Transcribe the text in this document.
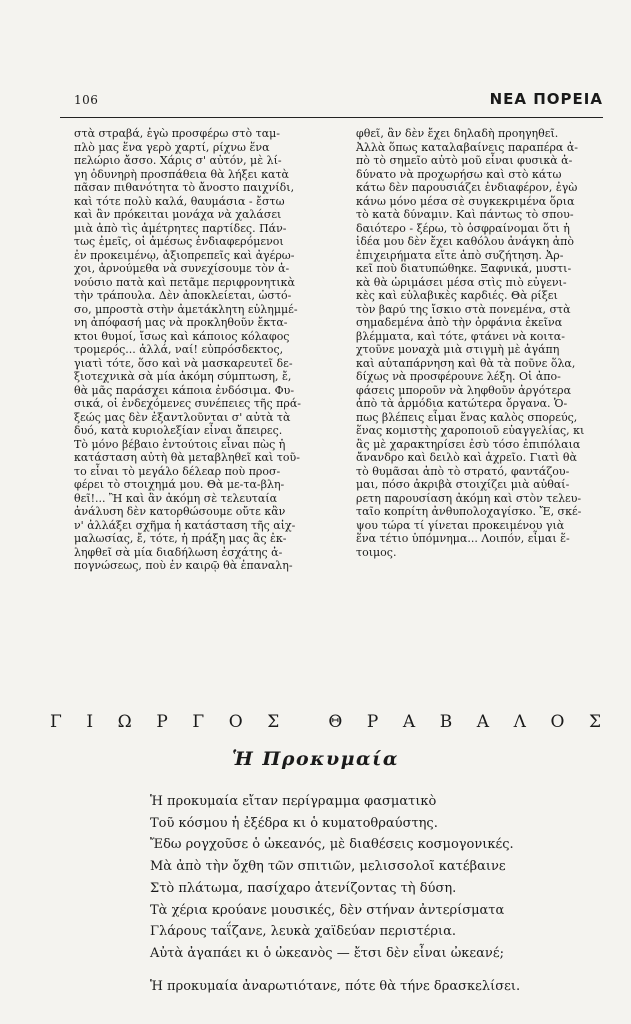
106	ΝΕΑ ΠΟΡΕΙΑ
στὰ στραβά, ἐγὼ προσφέρω στὸ ταμ-
πλὸ μας ἕνα γερὸ χαρτί, ρίχνω ἕνα
πελώριο ἄσσο. Χάρις σ' αὐτόν, μὲ λί-
γη ὀδυνηρὴ προσπάθεια θὰ λήξει κατὰ
πᾶσαν πιθανότητα τὸ ἄνοστο παιχνίδι,
καὶ τότε πολὺ καλά, θαυμάσια - ἔστω
καὶ ἂν πρόκειται μονάχα νὰ χαλάσει
μιὰ ἀπὸ τὶς ἀμέτρητες παρτίδες. Πάν-
τως ἐμεῖς, οἱ ἀμέσως ἐνδιαφερόμενοι
ἐν προκειμένῳ, ἀξιοπρεπεῖς καὶ ἀγέρω-
χοι, ἀρνούμεθα νὰ συνεχίσουμε τὸν ἀ-
νούσιο πατὰ καὶ πετᾶμε περιφρονητικὰ
τὴν τράπουλα. Δὲν ἀποκλείεται, ὡστό-
σο, μπροστὰ στὴν ἀμετάκλητη εὐλημμέ-
νη ἀπόφασή μας νὰ προκληθοῦν ἔκτα-
κτοι θυμοί, ἴσως καὶ κάποιος κόλαφος
τρομερός... ἀλλά, ναί! εὐπρόσδεκτος,
γιατὶ τότε, ὅσο καὶ νὰ μασκαρευτεῖ δε-
ξιοτεχνικὰ σὰ μία ἀκόμη σύμπτωση, ἔ,
θὰ μᾶς παράσχει κάποια ἐνδόσιμα. Φυ-
σικά, οἱ ἐνδεχόμενες συνέπειες τῆς πρά-
ξεώς μας δὲν ἐξαντλοῦνται σ' αὐτὰ τὰ
δυό, κατὰ κυριολεξίαν εἶναι ἄπειρες.
Τὸ μόνο βέβαιο ἐντούτοις εἶναι πὼς ἡ
κατάσταση αὐτὴ θὰ μεταβληθεῖ καὶ τοῦ-
το εἶναι τὸ μεγάλο δέλεαρ ποὺ προσ-
φέρει τὸ στοιχημά μου. Θὰ με-τα-βλη-
θεῖ!... Ἢ καὶ ἂν ἀκόμη σὲ τελευταία
ἀνάλυση δὲν κατορθώσουμε οὔτε κἂν
ν' ἀλλάξει σχῆμα ἡ κατάσταση τῆς αἰχ-
μαλωσίας, ἔ, τότε, ἡ πράξη μας ἃς ἐκ-
ληφθεῖ σὰ μία διαδήλωση ἐσχάτης ἀ-
πογνώσεως, ποὺ ἐν καιρῷ θὰ ἐπαναλη-
φθεῖ, ἂν δὲν ἔχει δηλαδὴ προηγηθεῖ.
Ἀλλὰ ὅπως καταλαβαίνεις παραπέρα ἀ-
πὸ τὸ σημεῖο αὐτὸ μοῦ εἶναι φυσικὰ ἀ-
δύνατο νὰ προχωρήσω καὶ στὸ κάτω
κάτω δὲν παρουσιάζει ἐνδιαφέρον, ἐγὼ
κάνω μόνο μέσα σὲ συγκεκριμένα ὅρια
τὸ κατὰ δύναμιν. Καὶ πάντως τὸ σπου-
δαιότερο - ξέρω, τὸ ὁσφραίνομαι ὅτι ἡ
ἰδέα μου δὲν ἔχει καθόλου ἀνάγκη ἀπὸ
ἐπιχειρήματα εἴτε ἀπὸ συζήτηση. Ἀρ-
κεῖ ποὺ διατυπώθηκε. Ξαφνικά, μυστι-
κὰ θὰ ὡριμάσει μέσα στὶς πιὸ εὐγενι-
κὲς καὶ εὐλαβικὲς καρδιές. Θὰ ρίξει
τὸν βαρύ της ἴσκιο στὰ πονεμένα, στὰ
σημαδεμένα ἀπὸ τὴν ὀρφάνια ἐκεῖνα
βλέμματα, καὶ τότε, φτάνει νὰ κοιτα-
χτοῦνε μοναχὰ μιὰ στιγμὴ μὲ ἀγάπη
καὶ αὐταπάρνηση καὶ θὰ τὰ ποῦνε ὅλα,
δίχως νὰ προσφέρουνε λέξη. Οἱ ἀπο-
φάσεις μποροῦν νὰ ληφθοῦν ἀργότερα
ἀπὸ τὰ ἁρμόδια κατώτερα ὄργανα. Ὁ-
πως βλέπεις εἶμαι ἕνας καλὸς σπορεύς,
ἕνας κομιστὴς χαροποιοῦ εὐαγγελίας, κι
ἂς μὲ χαρακτηρίσει ἐσὺ τόσο ἐπιπόλαια
ἄνανδρο καὶ δειλὸ καὶ ἀχρεῖο. Γιατὶ θὰ
τὸ θυμᾶσαι ἀπὸ τὸ στρατό, φαντάζου-
μαι, πόσο ἀκριβὰ στοιχίζει μιὰ αὐθαί-
ρετη παρουσίαση ἀκόμη καὶ στὸν τελευ-
ταῖο κοπρίτη ἀνθυπολοχαγίσκο. Ἔ, σκέ-
ψου τώρα τί γίνεται προκειμένου γιὰ
ἕνα τέτιο ὑπόμνημα... Λοιπόν, εἶμαι ἕ-
τοιμος.
Γ Ι Ω Ρ Γ Ο Σ	Θ Ρ Α Β Α Λ Ο Σ
Ἡ Προκυμαία
Ἡ προκυμαία εἴταν περίγραμμα φασματικὸ
Τοῦ κόσμου ἡ ἐξέδρα κι ὁ κυματοθραύστης.
Ἔδω ρογχοῦσε ὁ ὠκεανός, μὲ διαθέσεις κοσμογονικές.
Μὰ ἀπὸ τὴν ὄχθη τῶν σπιτιῶν, μελισσολοῖ κατέβαινε
Στὸ πλάτωμα, πασίχαρο ἀτενίζοντας τὴ δύση.
Τὰ χέρια κρούανε μουσικές, δὲν στήναν ἀντερίσματα
Γλάρους ταΐζανε, λευκὰ χαϊδεύαν περιστέρια.
Αὐτὰ ἀγαπάει κι ὁ ὠκεανὸς — ἔτσι δὲν εἶναι ὠκεανέ;
Ἡ προκυμαία ἀναρωτιότανε, πότε θὰ τήνε δρασκελίσει.
